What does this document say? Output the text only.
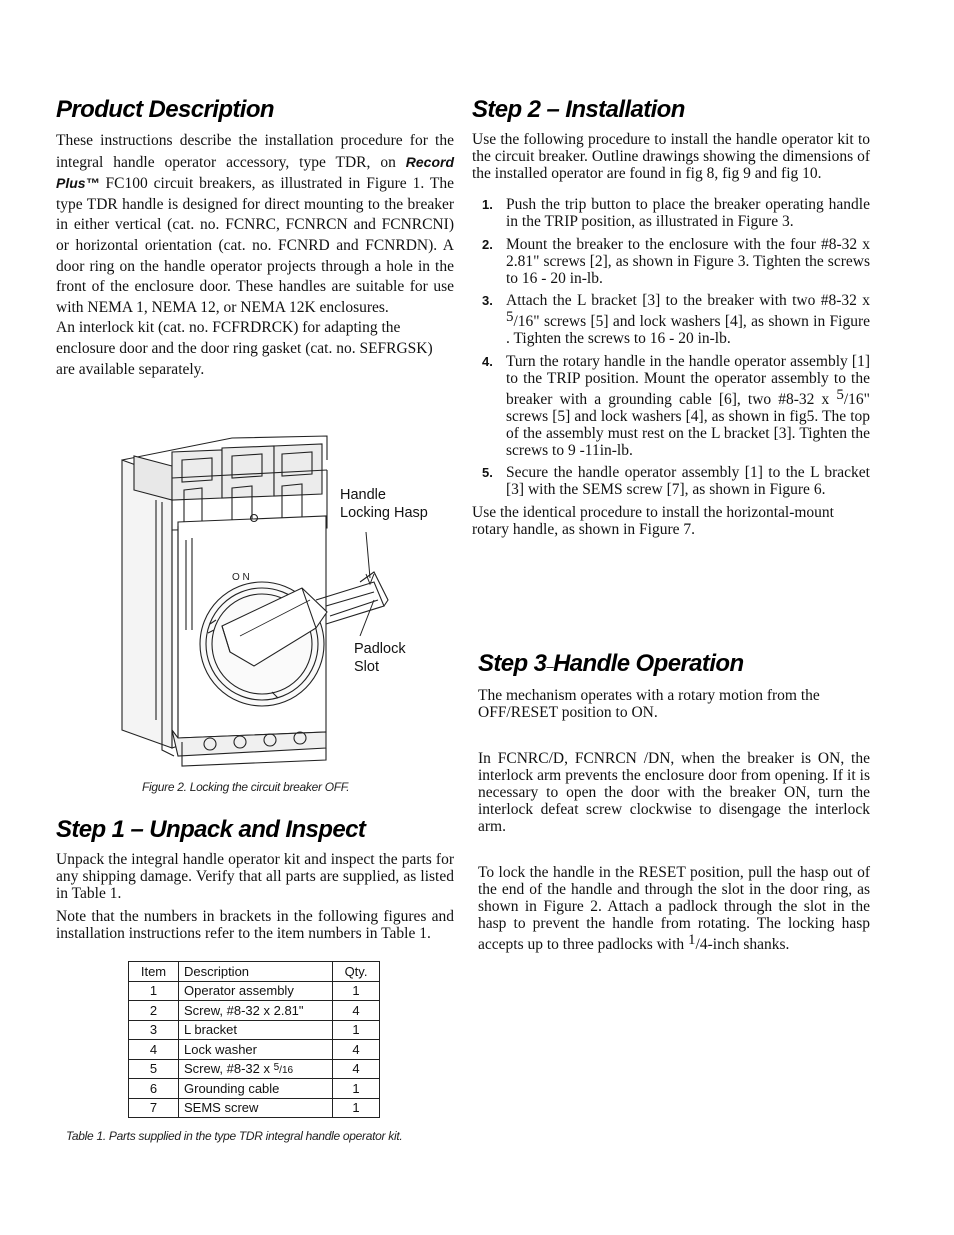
Product Description

These instructions describe the installation procedure for the integral handle operator accessory, type TDR, on Record Plus™ FC100 circuit breakers, as illustrated in Figure 1. The type TDR handle is designed for direct mounting to the breaker in either vertical (cat. no. FCNRC, FCNRCN and FCNRCNI) or horizontal orientation (cat. no. FCNRD and FCNRDN). A door ring on the handle operator projects through a hole in the front of the enclosure door. These handles are suitable for use with NEMA 1, NEMA 12, or NEMA 12K enclosures.

An interlock kit (cat. no. FCFRDRCK) for adapting the enclosure door and the door ring gasket (cat. no. SEFRGSK) are available separately.

O N
Handle
Locking Hasp
Padlock
Slot
Figure 2. Locking the circuit breaker OFF.
Step 1 – Unpack and Inspect

Unpack the integral handle operator kit and inspect the parts for any shipping damage. Verify that all parts are supplied, as listed in Table 1.

Note that the numbers in brackets in the following figures and installation instructions refer to the item numbers in Table 1.

Item	Description	Qty.
1	Operator assembly	1
2	Screw, #8-32 x 2.81"	4
3	L bracket	1
4	Lock washer	4
5	Screw, #8-32 x $^5$/16	4
6	Grounding cable	1
7	SEMS screw	1
Table 1. Parts supplied in the type TDR integral handle operator kit.
Step 2 – Installation

Use the following procedure to install the handle operator kit to the circuit breaker. Outline drawings showing the dimensions of the installed operator are found in fig 8, fig 9 and fig 10.

1. Push the trip button to place the breaker operating handle in the TRIP position, as illustrated in Figure 3.
2. Mount the breaker to the enclosure with the four #8-32 x 2.81" screws [2], as shown in Figure 3. Tighten the screws to 16 - 20 in-lb.
3. Attach the L bracket [3] to the breaker with two #8-32 x 5/16" screws [5] and lock washers [4], as shown in Figure . Tighten the screws to 16 - 20 in-lb.
4. Turn the rotary handle in the handle operator assembly [1] to the TRIP position. Mount the operator assembly to the breaker with a grounding cable [6], two #8-32 x 5/16" screws [5] and lock washers [4], as shown in fig5. The top of the assembly must rest on the L bracket [3]. Tighten the screws to 9 -11in-lb.
5. Secure the handle operator assembly [1] to the L bracket [3] with the SEMS screw [7], as shown in Figure 6.

Use the identical procedure to install the horizontal-mount rotary handle, as shown in Figure 7.

Step 3–Handle Operation

The mechanism operates with a rotary motion from the OFF/RESET position to ON.

In FCNRC/D, FCNRCN /DN, when the breaker is ON, the interlock arm prevents the enclosure door from opening. If it is necessary to open the door with the breaker ON, turn the interlock defeat screw clockwise to disengage the interlock arm.

To lock the handle in the RESET position, pull the hasp out of the end of the handle and through the slot in the door ring, as shown in Figure 2. Attach a padlock through the slot in the hasp to prevent the handle from rotating. The locking hasp accepts up to three padlocks with 1/4-inch shanks.
